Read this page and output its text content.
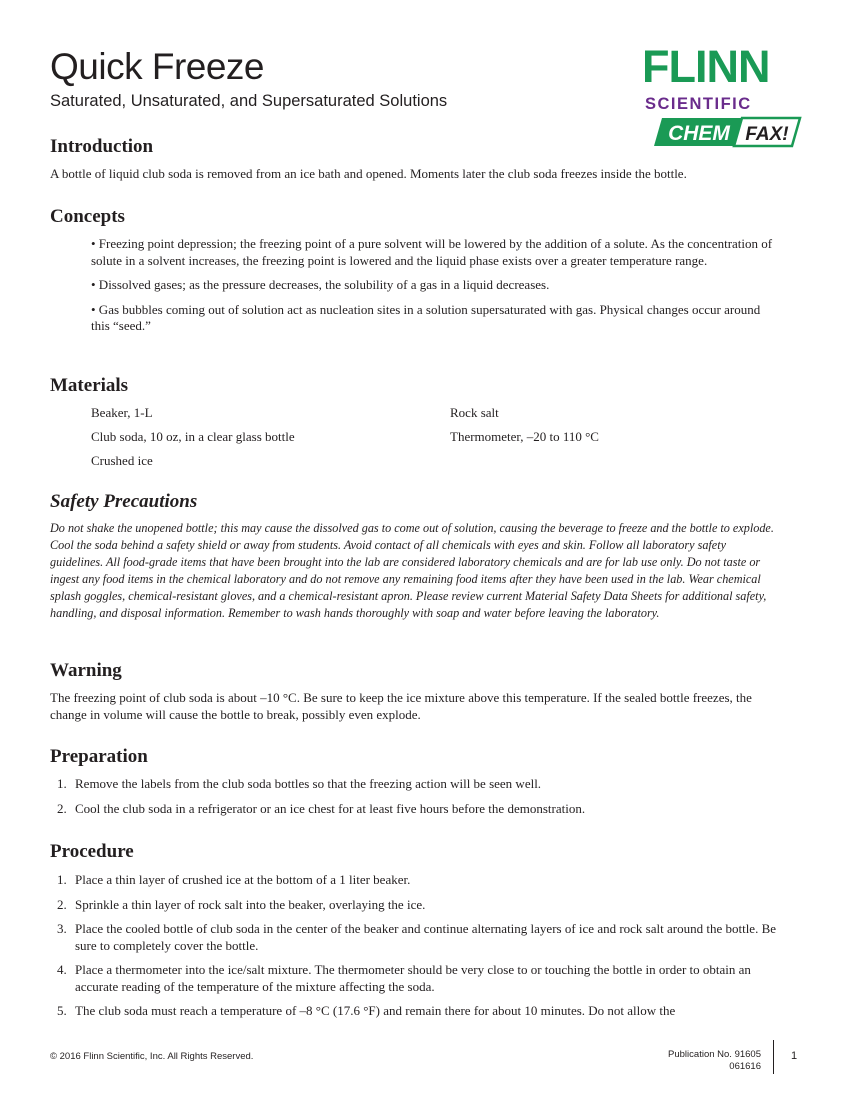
Quick Freeze
Saturated, Unsaturated, and Supersaturated Solutions
FLINN
SCIENTIFIC
CHEM FAX!
Introduction

A bottle of liquid club soda is removed from an ice bath and opened. Moments later the club soda freezes inside the bottle.

Concepts
• Freezing point depression; the freezing point of a pure solvent will be lowered by the addition of a solute. As the concentration of solute in a solvent increases, the freezing point is lowered and the liquid phase exists over a greater temperature range.
• Dissolved gases; as the pressure decreases, the solubility of a gas in a liquid decreases.
• Gas bubbles coming out of solution act as nucleation sites in a solution supersaturated with gas. Physical changes occur around this “seed.”
Materials
Beaker, 1-L
Club soda, 10 oz, in a clear glass bottle
Crushed ice
Rock salt
Thermometer, –20 to 110 °C
Safety Precautions

Do not shake the unopened bottle; this may cause the dissolved gas to come out of solution, causing the beverage to freeze and the bottle to explode. Cool the soda behind a safety shield or away from students. Avoid contact of all chemicals with eyes and skin. Follow all laboratory safety guidelines. All food-grade items that have been brought into the lab are considered laboratory chemicals and are for lab use only. Do not taste or ingest any food items in the chemical laboratory and do not remove any remaining food items after they have been used in the lab. Wear chemical splash goggles, chemical-resistant gloves, and a chemical-resistant apron. Please review current Material Safety Data Sheets for additional safety, handling, and disposal information. Remember to wash hands thoroughly with soap and water before leaving the laboratory.

Warning

The freezing point of club soda is about –10 °C. Be sure to keep the ice mixture above this temperature. If the sealed bottle freezes, the change in volume will cause the bottle to break, possibly even explode.

Preparation
1. Remove the labels from the club soda bottles so that the freezing action will be seen well.
2. Cool the club soda in a refrigerator or an ice chest for at least five hours before the demonstration.
Procedure
1. Place a thin layer of crushed ice at the bottom of a 1 liter beaker.
2. Sprinkle a thin layer of rock salt into the beaker, overlaying the ice.
3. Place the cooled bottle of club soda in the center of the beaker and continue alternating layers of ice and rock salt around the bottle. Be sure to completely cover the bottle.
4. Place a thermometer into the ice/salt mixture. The thermometer should be very close to or touching the bottle in order to obtain an accurate reading of the temperature of the mixture affecting the soda.
5. The club soda must reach a temperature of –8 °C (17.6 °F) and remain there for about 10 minutes. Do not allow the
© 2016 Flinn Scientific, Inc. All Rights Reserved.	Publication No. 91605
061616
1
